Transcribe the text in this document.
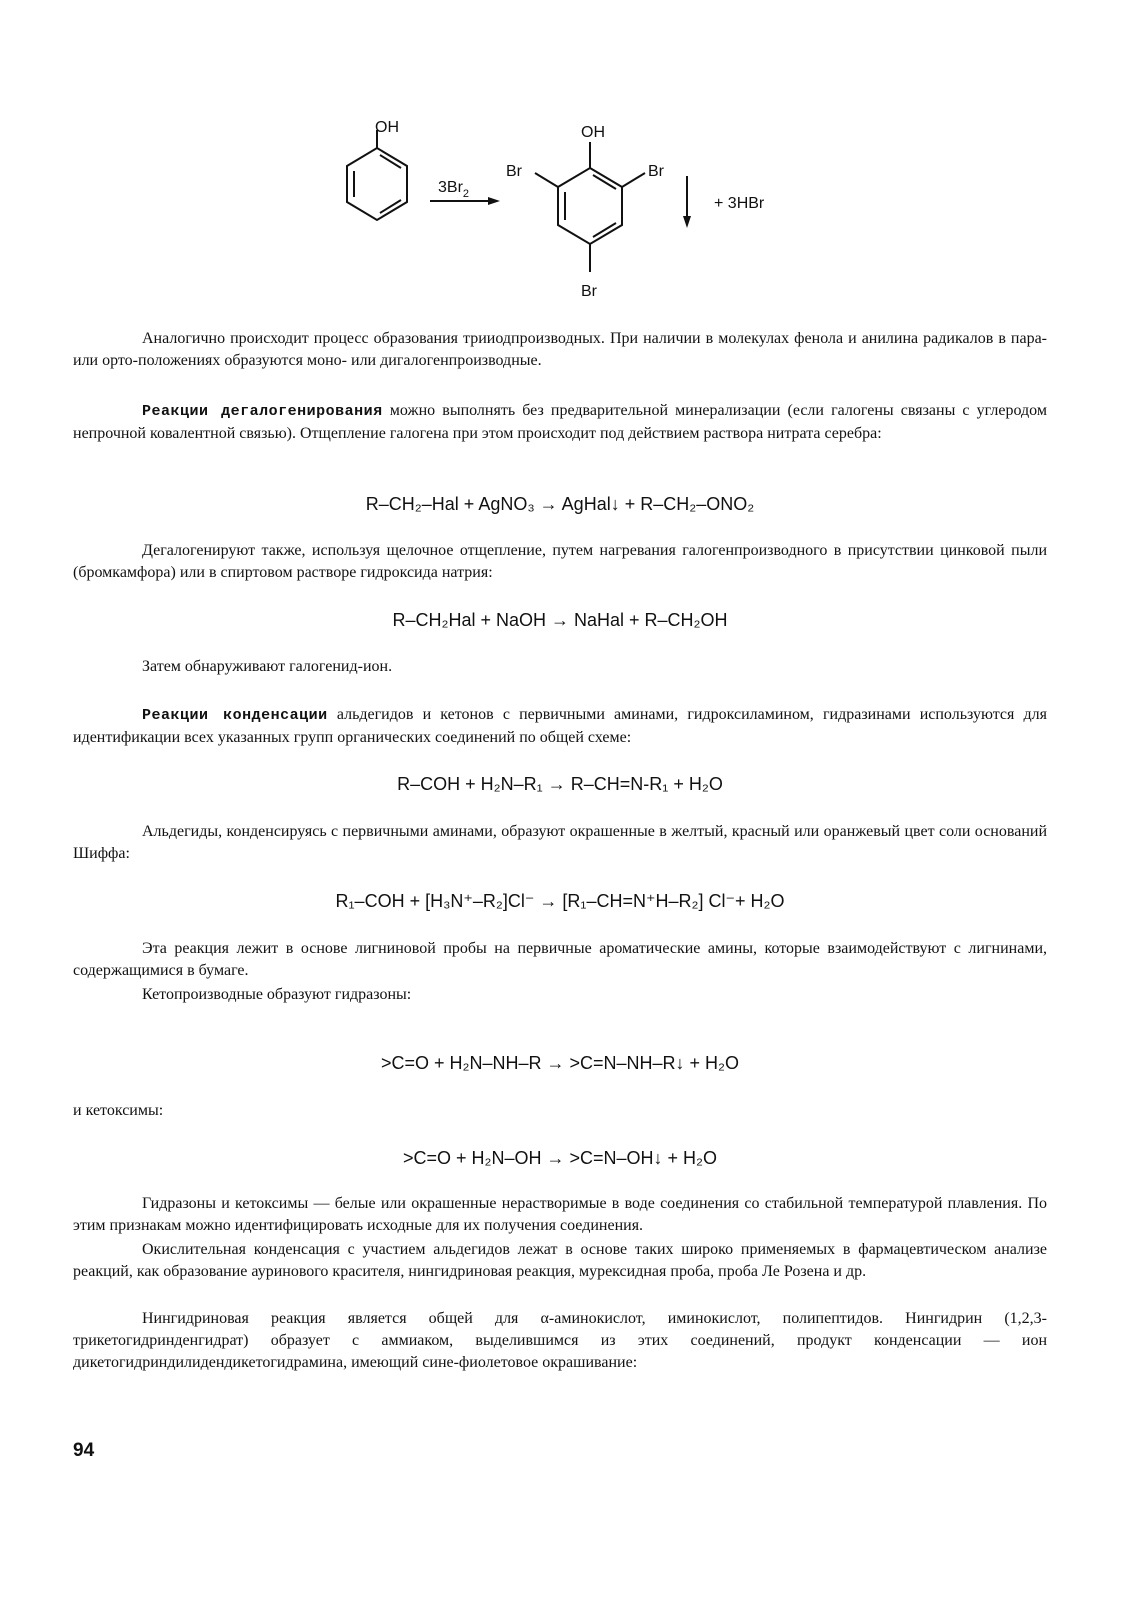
OH
$3Br_2$
OH
Br	Br
Br
+ 3HBr

Аналогично происходит процесс образования трииодпроизводных. При наличии в молекулах фенола и анилина радикалов в пара- или орто-положениях образуются моно- или дигалогенпроизводные.

Реакции дегалогенирования можно выполнять без предварительной минерализации (если галогены связаны с углеродом непрочной ковалентной связью). Отщепление галогена при этом происходит под действием раствора нитрата серебра:

R–CH₂–Hal + AgNO₃ → AgHal↓ + R–CH₂–ONO₂

Дегалогенируют также, используя щелочное отщепление, путем нагревания галогенпроизводного в присутствии цинковой пыли (бромкамфора) или в спиртовом растворе гидроксида натрия:

R–CH₂Hal + NaOH → NaHal + R–CH₂OH

Затем обнаруживают галогенид-ион.

Реакции конденсации альдегидов и кетонов с первичными аминами, гидроксиламином, гидразинами используются для идентификации всех указанных групп органических соединений по общей схеме:

R–COH + H₂N–R₁ → R–CH=N-R₁ + H₂O

Альдегиды, конденсируясь с первичными аминами, образуют окрашенные в желтый, красный или оранжевый цвет соли оснований Шиффа:

R₁–COH + [H₃N⁺–R₂]Cl⁻ → [R₁–CH=N⁺H–R₂] Cl⁻+ H₂O

Эта реакция лежит в основе лигниновой пробы на первичные ароматические амины, которые взаимодействуют с лигнинами, содержащимися в бумаге.

Кетопроизводные образуют гидразоны:

>C=O + H₂N–NH–R → >C=N–NH–R↓ + H₂O

и кетоксимы:

>C=O + H₂N–OH → >C=N–OH↓ + H₂O

Гидразоны и кетоксимы — белые или окрашенные нерастворимые в воде соединения со стабильной температурой плавления. По этим признакам можно идентифицировать исходные для их получения соединения.

Окислительная конденсация с участием альдегидов лежат в основе таких широко применяемых в фармацевтическом анализе реакций, как образование ауринового красителя, нингидриновая реакция, мурексидная проба, проба Ле Розена и др.

Нингидриновая реакция является общей для α-аминокислот, иминокислот, полипептидов. Нингидрин (1,2,3-трикетогидринденгидрат) образует с аммиаком, выделившимся из этих соединений, продукт конденсации — ион дикетогидриндилидендикетогидрамина, имеющий сине-фиолетовое окрашивание:

94
